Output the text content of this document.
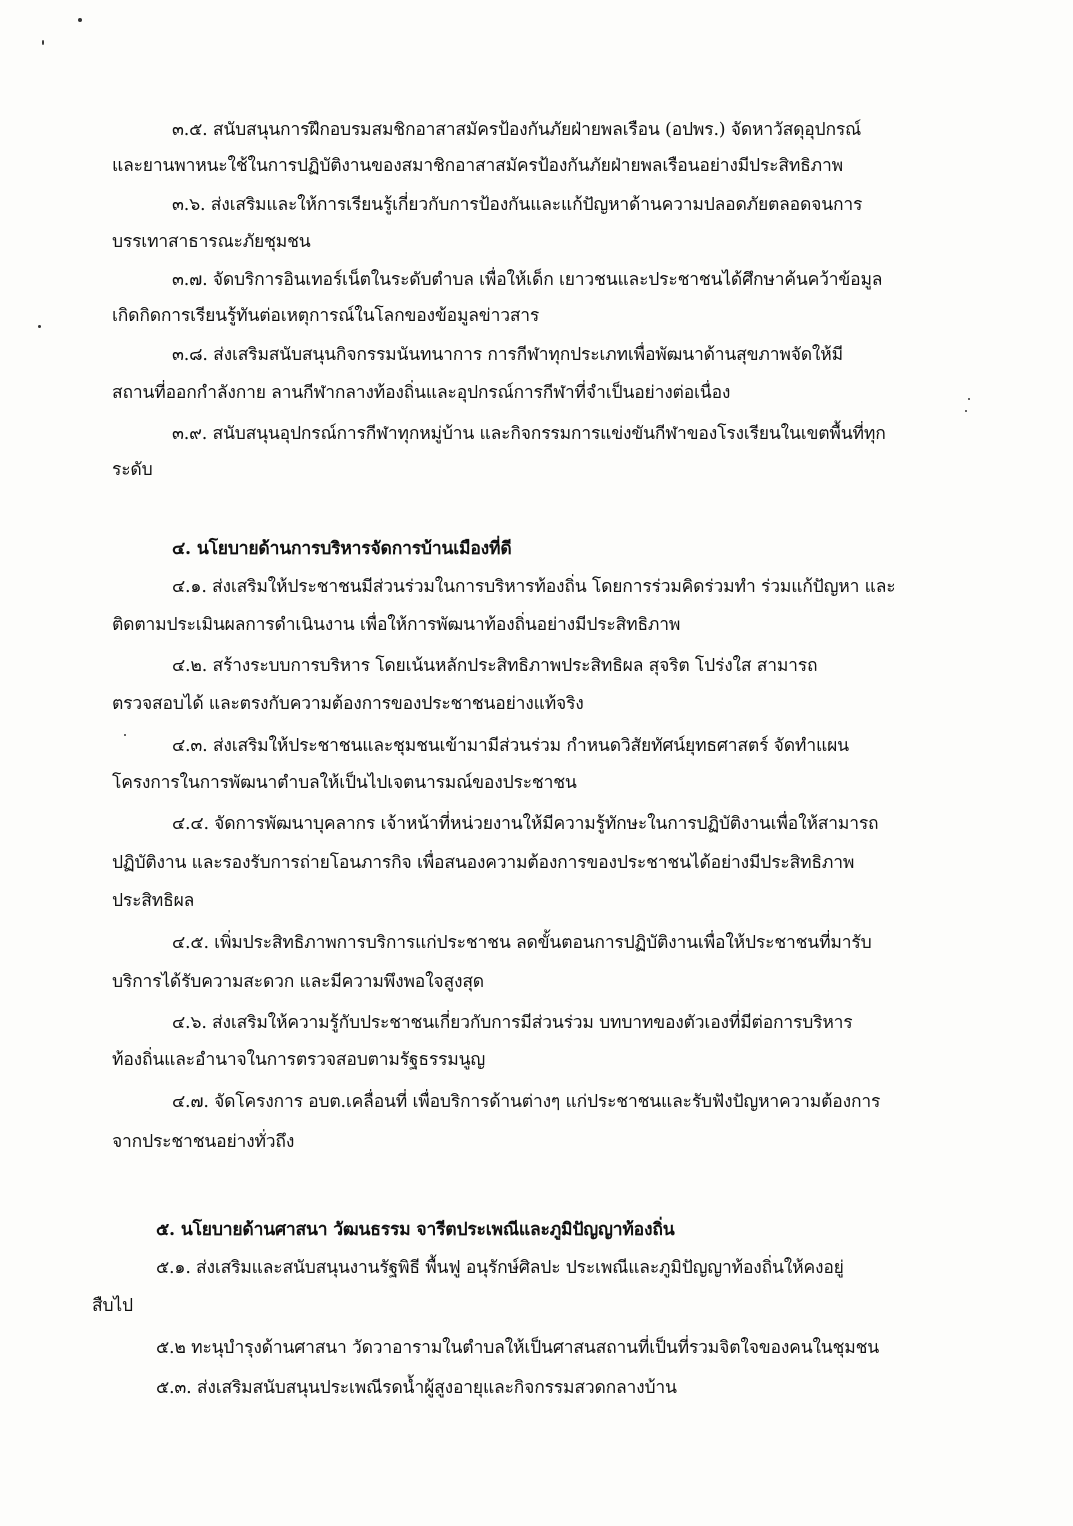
๓.๕. สนับสนุนการฝึกอบรมสมชิกอาสาสมัครป้องกันภัยฝ่ายพลเรือน (อปพร.) จัดหาวัสดุอุปกรณ์
และยานพาหนะใช้ในการปฏิบัติงานของสมาชิกอาสาสมัครป้องกันภัยฝ่ายพลเรือนอย่างมีประสิทธิภาพ
๓.๖. ส่งเสริมและให้การเรียนรู้เกี่ยวกับการป้องกันและแก้ปัญหาด้านความปลอดภัยตลอดจนการ
บรรเทาสาธารณะภัยชุมชน
๓.๗. จัดบริการอินเทอร์เน็ตในระดับตำบล เพื่อให้เด็ก เยาวชนและประชาชนได้ศึกษาค้นคว้าข้อมูล
เกิดกิดการเรียนรู้ทันต่อเหตุการณ์ในโลกของข้อมูลข่าวสาร
๓.๘. ส่งเสริมสนับสนุนกิจกรรมนันทนาการ การกีฬาทุกประเภทเพื่อพัฒนาด้านสุขภาพจัดให้มี
สถานที่ออกกำลังกาย ลานกีฬากลางท้องถิ่นและอุปกรณ์การกีฬาที่จำเป็นอย่างต่อเนื่อง
๓.๙. สนับสนุนอุปกรณ์การกีฬาทุกหมู่บ้าน และกิจกรรมการแข่งขันกีฬาของโรงเรียนในเขตพื้นที่ทุก
ระดับ
๔. นโยบายด้านการบริหารจัดการบ้านเมืองที่ดี
๔.๑. ส่งเสริมให้ประชาชนมีส่วนร่วมในการบริหารท้องถิ่น โดยการร่วมคิดร่วมทำ ร่วมแก้ปัญหา และ
ติดตามประเมินผลการดำเนินงาน เพื่อให้การพัฒนาท้องถิ่นอย่างมีประสิทธิภาพ
๔.๒. สร้างระบบการบริหาร โดยเน้นหลักประสิทธิภาพประสิทธิผล สุจริต โปร่งใส สามารถ
ตรวจสอบได้ และตรงกับความต้องการของประชาชนอย่างแท้จริง
๔.๓. ส่งเสริมให้ประชาชนและชุมชนเข้ามามีส่วนร่วม กำหนดวิสัยทัศน์ยุทธศาสตร์ จัดทำแผน
โครงการในการพัฒนาตำบลให้เป็นไปเจตนารมณ์ของประชาชน
๔.๔. จัดการพัฒนาบุคลากร เจ้าหน้าที่หน่วยงานให้มีความรู้ทักษะในการปฏิบัติงานเพื่อให้สามารถ
ปฏิบัติงาน และรองรับการถ่ายโอนภารกิจ เพื่อสนองความต้องการของประชาชนได้อย่างมีประสิทธิภาพ
ประสิทธิผล
๔.๕. เพิ่มประสิทธิภาพการบริการแก่ประชาชน ลดขั้นตอนการปฏิบัติงานเพื่อให้ประชาชนที่มารับ
บริการได้รับความสะดวก และมีความพึงพอใจสูงสุด
๔.๖. ส่งเสริมให้ความรู้กับประชาชนเกี่ยวกับการมีส่วนร่วม บทบาทของตัวเองที่มีต่อการบริหาร
ท้องถิ่นและอำนาจในการตรวจสอบตามรัฐธรรมนูญ
๔.๗. จัดโครงการ อบต.เคลื่อนที่ เพื่อบริการด้านต่างๆ แก่ประชาชนและรับฟังปัญหาความต้องการ
จากประชาชนอย่างทั่วถึง
๕. นโยบายด้านศาสนา วัฒนธรรม จารีตประเพณีและภูมิปัญญาท้องถิ่น
๕.๑. ส่งเสริมและสนับสนุนงานรัฐพิธี พื้นฟู อนุรักษ์ศิลปะ ประเพณีและภูมิปัญญาท้องถิ่นให้คงอยู่
สืบไป
๕.๒ ทะนุบำรุงด้านศาสนา วัดวาอารามในตำบลให้เป็นศาสนสถานที่เป็นที่รวมจิตใจของคนในชุมชน
๕.๓. ส่งเสริมสนับสนุนประเพณีรดน้ำผู้สูงอายุและกิจกรรมสวดกลางบ้าน
